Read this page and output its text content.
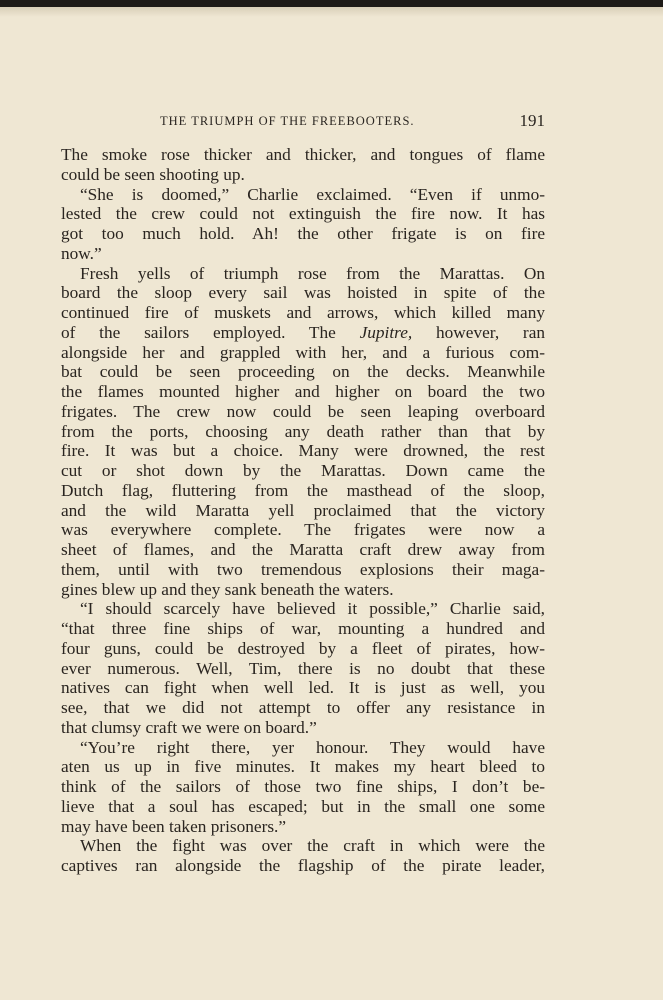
THE TRIUMPH OF THE FREEBOOTERS.	191
The smoke rose thicker and thicker, and tongues of flame
could be seen shooting up.
“She is doomed,” Charlie exclaimed. “Even if unmo-
lested the crew could not extinguish the fire now. It has
got too much hold. Ah! the other frigate is on fire
now.”
Fresh yells of triumph rose from the Marattas. On
board the sloop every sail was hoisted in spite of the
continued fire of muskets and arrows, which killed many
of the sailors employed. The Jupitre, however, ran
alongside her and grappled with her, and a furious com-
bat could be seen proceeding on the decks. Meanwhile
the flames mounted higher and higher on board the two
frigates. The crew now could be seen leaping overboard
from the ports, choosing any death rather than that by
fire. It was but a choice. Many were drowned, the rest
cut or shot down by the Marattas. Down came the
Dutch flag, fluttering from the masthead of the sloop,
and the wild Maratta yell proclaimed that the victory
was everywhere complete. The frigates were now a
sheet of flames, and the Maratta craft drew away from
them, until with two tremendous explosions their maga-
gines blew up and they sank beneath the waters.
“I should scarcely have believed it possible,” Charlie said,
“that three fine ships of war, mounting a hundred and
four guns, could be destroyed by a fleet of pirates, how-
ever numerous. Well, Tim, there is no doubt that these
natives can fight when well led. It is just as well, you
see, that we did not attempt to offer any resistance in
that clumsy craft we were on board.”
“You’re right there, yer honour. They would have
aten us up in five minutes. It makes my heart bleed to
think of the sailors of those two fine ships, I don’t be-
lieve that a soul has escaped; but in the small one some
may have been taken prisoners.”
When the fight was over the craft in which were the
captives ran alongside the flagship of the pirate leader,
